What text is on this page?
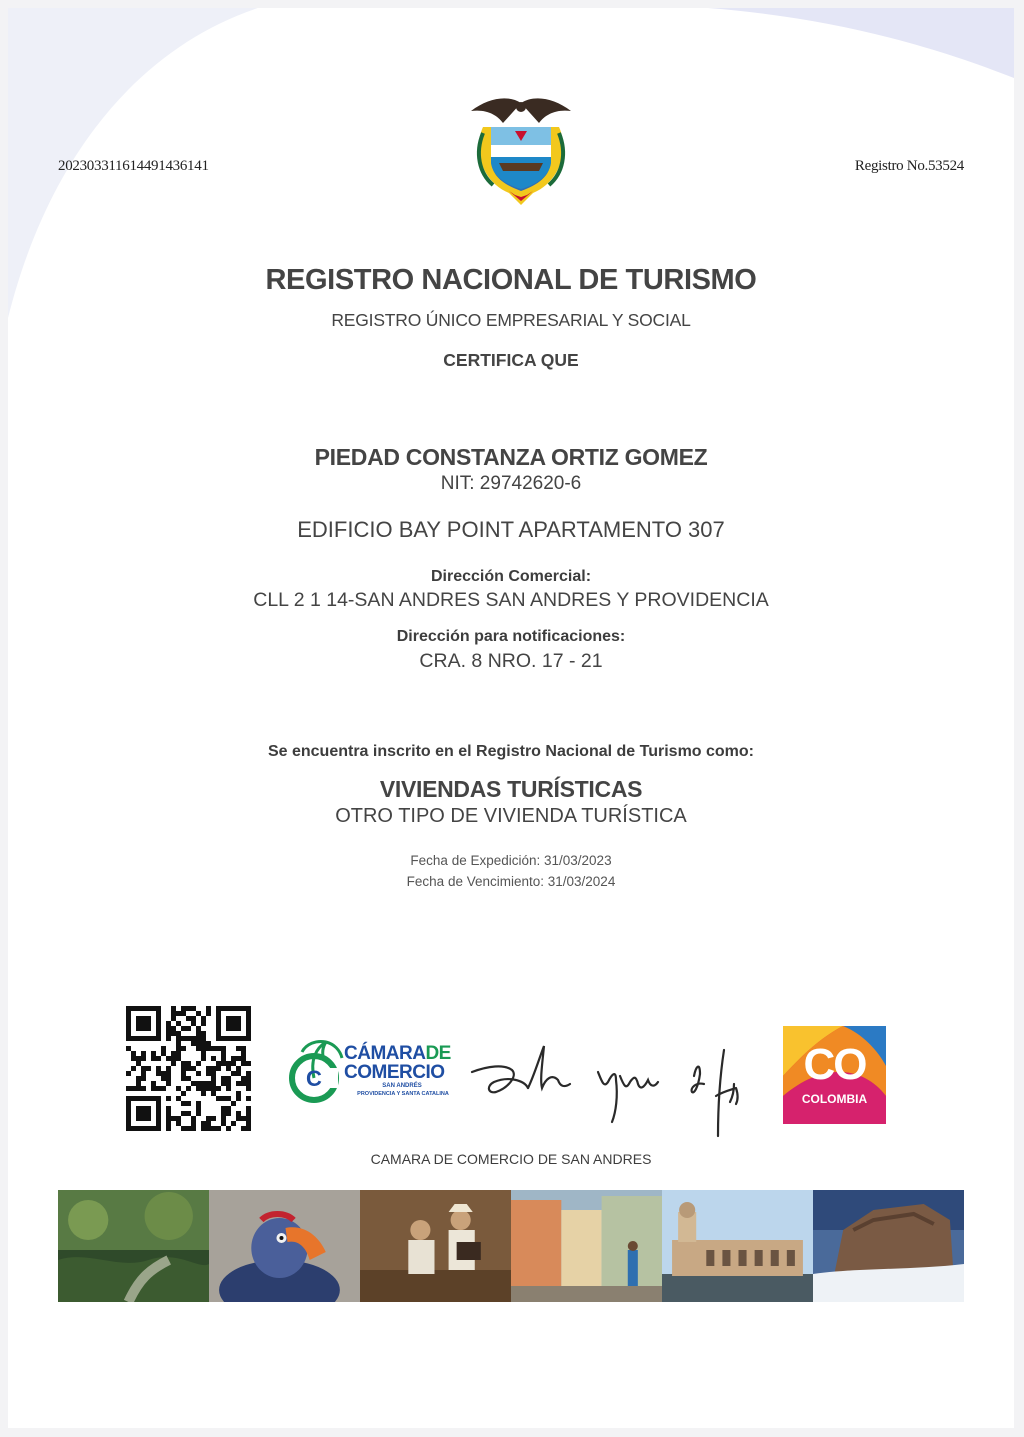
20230331161449143614​1	Registro No.53524
REGISTRO NACIONAL DE TURISMO
REGISTRO ÚNICO EMPRESARIAL Y SOCIAL
CERTIFICA QUE
PIEDAD CONSTANZA ORTIZ GOMEZ
NIT: 29742620-6
EDIFICIO BAY POINT APARTAMENTO 307
Dirección Comercial:
CLL 2 1 14-SAN ANDRES SAN ANDRES Y PROVIDENCIA
Dirección para notificaciones:
CRA. 8 NRO. 17 - 21
Se encuentra inscrito en el Registro Nacional de Turismo como:
VIVIENDAS TURÍSTICAS
OTRO TIPO DE VIVIENDA TURÍSTICA
Fecha de Expedición: 31/03/2023
Fecha de Vencimiento: 31/03/2024
C
CÁMARADE
COMERCIO
SAN ANDRÉS
PROVIDENCIA Y SANTA CATALINA
CO
COLOMBIA
CAMARA DE COMERCIO DE SAN ANDRES
